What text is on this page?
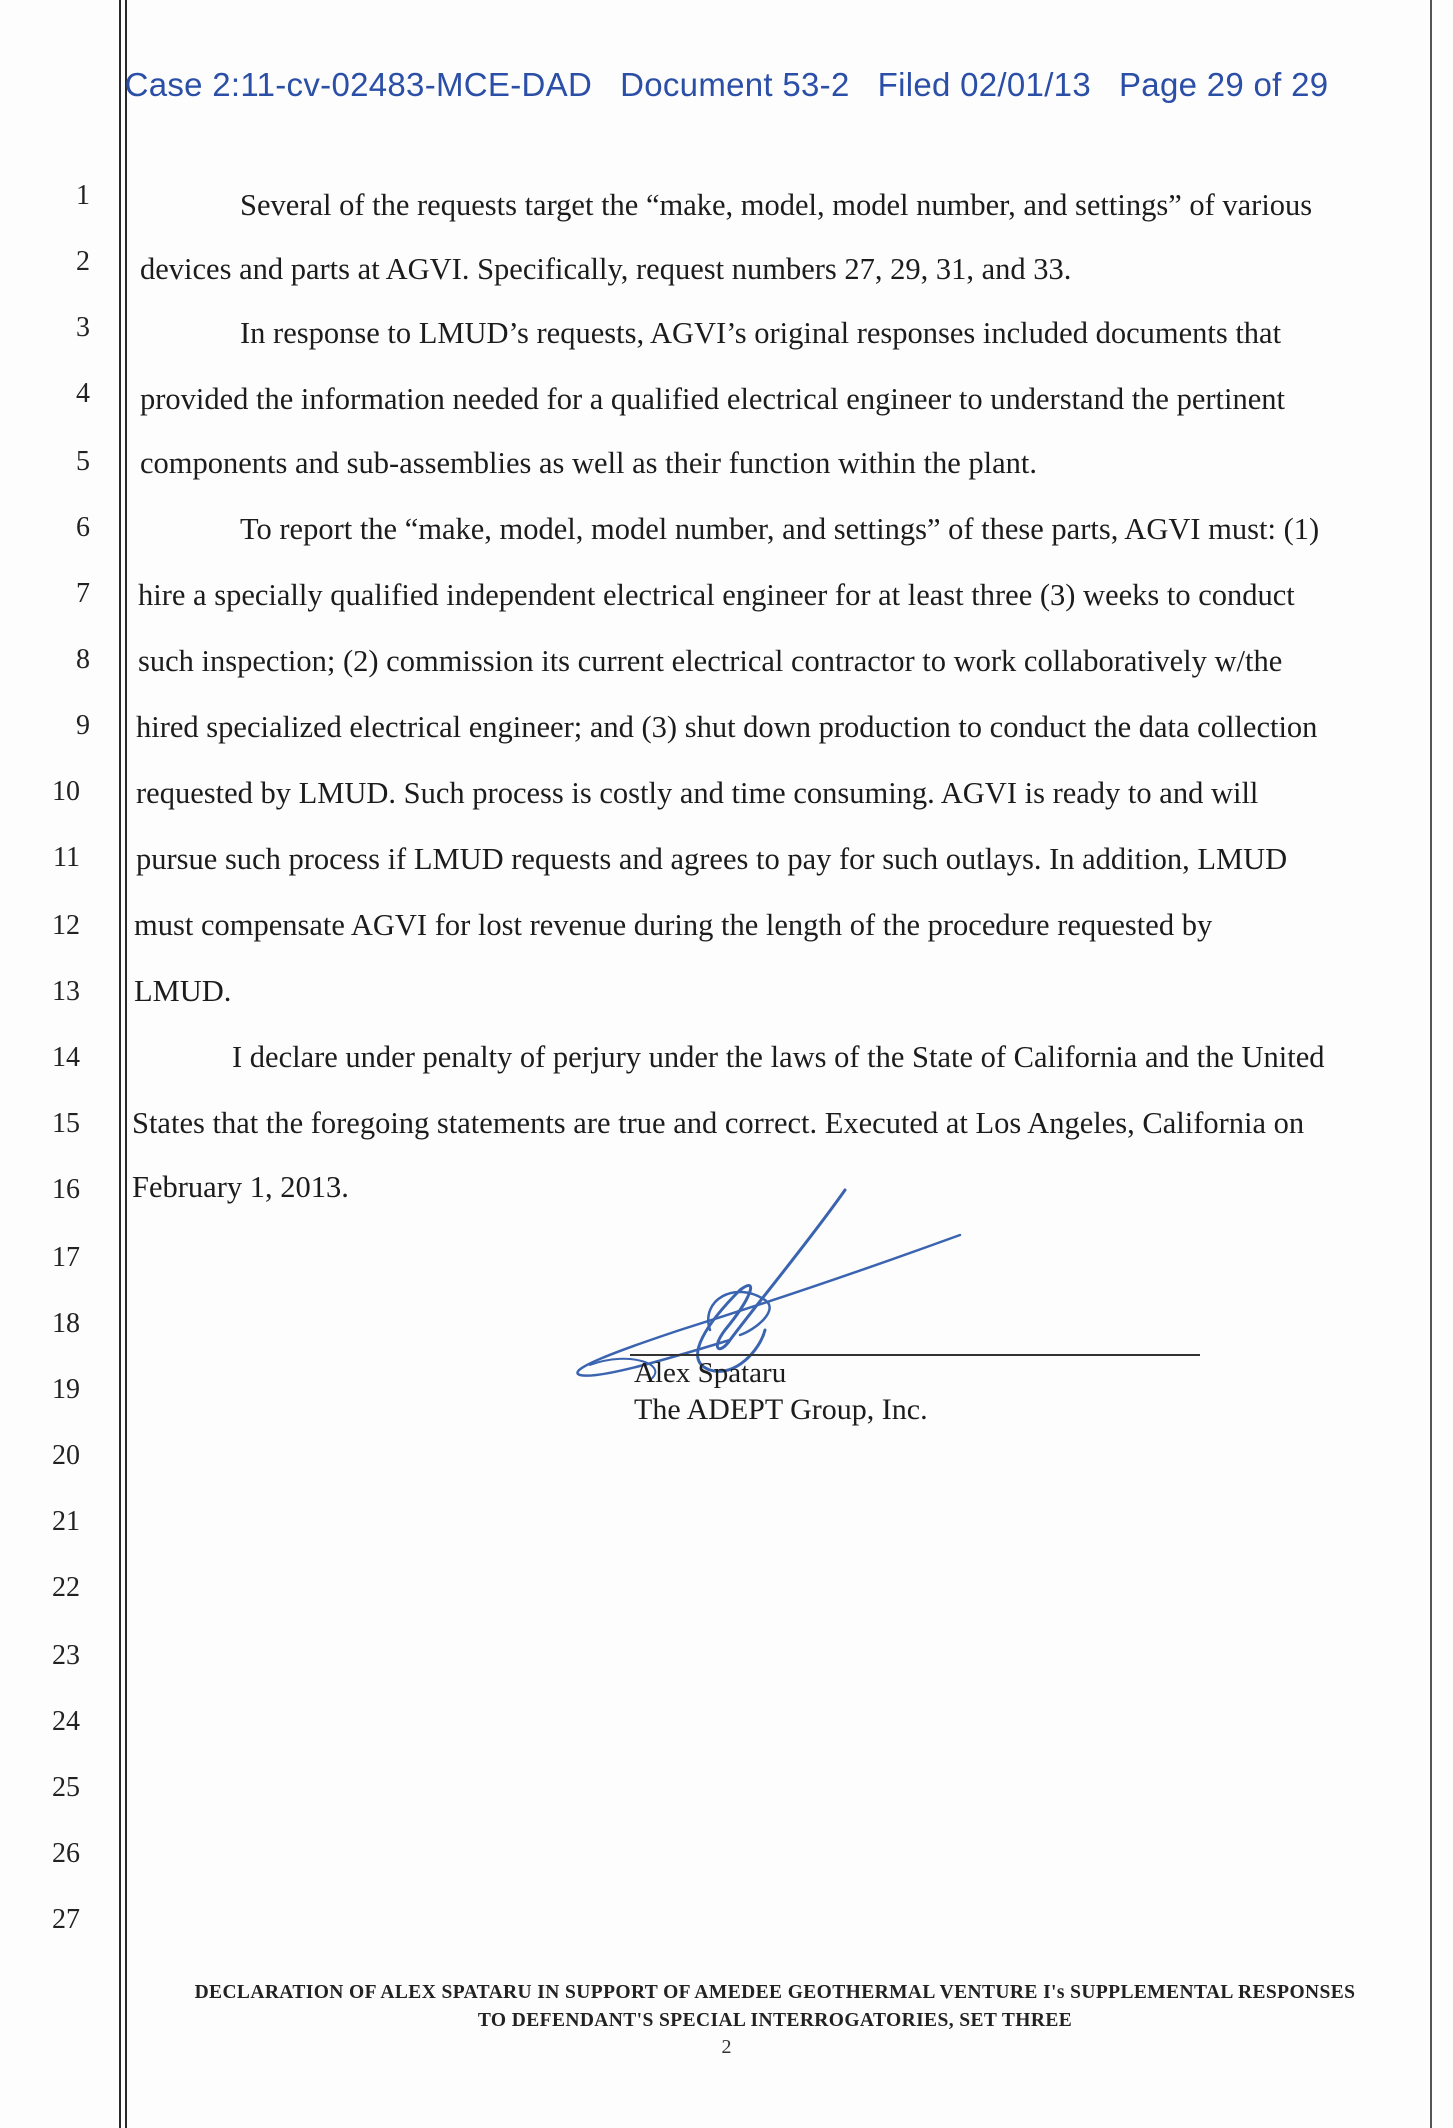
Case 2:11-cv-02483-MCE-DAD Document 53-2 Filed 02/01/13 Page 29 of 29
1
2
3
4
5
6
7
8
9
10
11
12
13
14
15
16
17
18
19
20
21
22
23
24
25
26
27
Several of the requests target the “make, model, model number, and settings” of various
devices and parts at AGVI. Specifically, request numbers 27, 29, 31, and 33.
In response to LMUD’s requests, AGVI’s original responses included documents that
provided the information needed for a qualified electrical engineer to understand the pertinent
components and sub-assemblies as well as their function within the plant.
To report the “make, model, model number, and settings” of these parts, AGVI must: (1)
hire a specially qualified independent electrical engineer for at least three (3) weeks to conduct
such inspection; (2) commission its current electrical contractor to work collaboratively w/the
hired specialized electrical engineer; and (3) shut down production to conduct the data collection
requested by LMUD. Such process is costly and time consuming. AGVI is ready to and will
pursue such process if LMUD requests and agrees to pay for such outlays. In addition, LMUD
must compensate AGVI for lost revenue during the length of the procedure requested by
LMUD.
I declare under penalty of perjury under the laws of the State of California and the United
States that the foregoing statements are true and correct. Executed at Los Angeles, California on
February 1, 2013.
Alex Spataru
The ADEPT Group, Inc.
DECLARATION OF ALEX SPATARU IN SUPPORT OF AMEDEE GEOTHERMAL VENTURE I's SUPPLEMENTAL RESPONSES
TO DEFENDANT'S SPECIAL INTERROGATORIES, SET THREE
2
